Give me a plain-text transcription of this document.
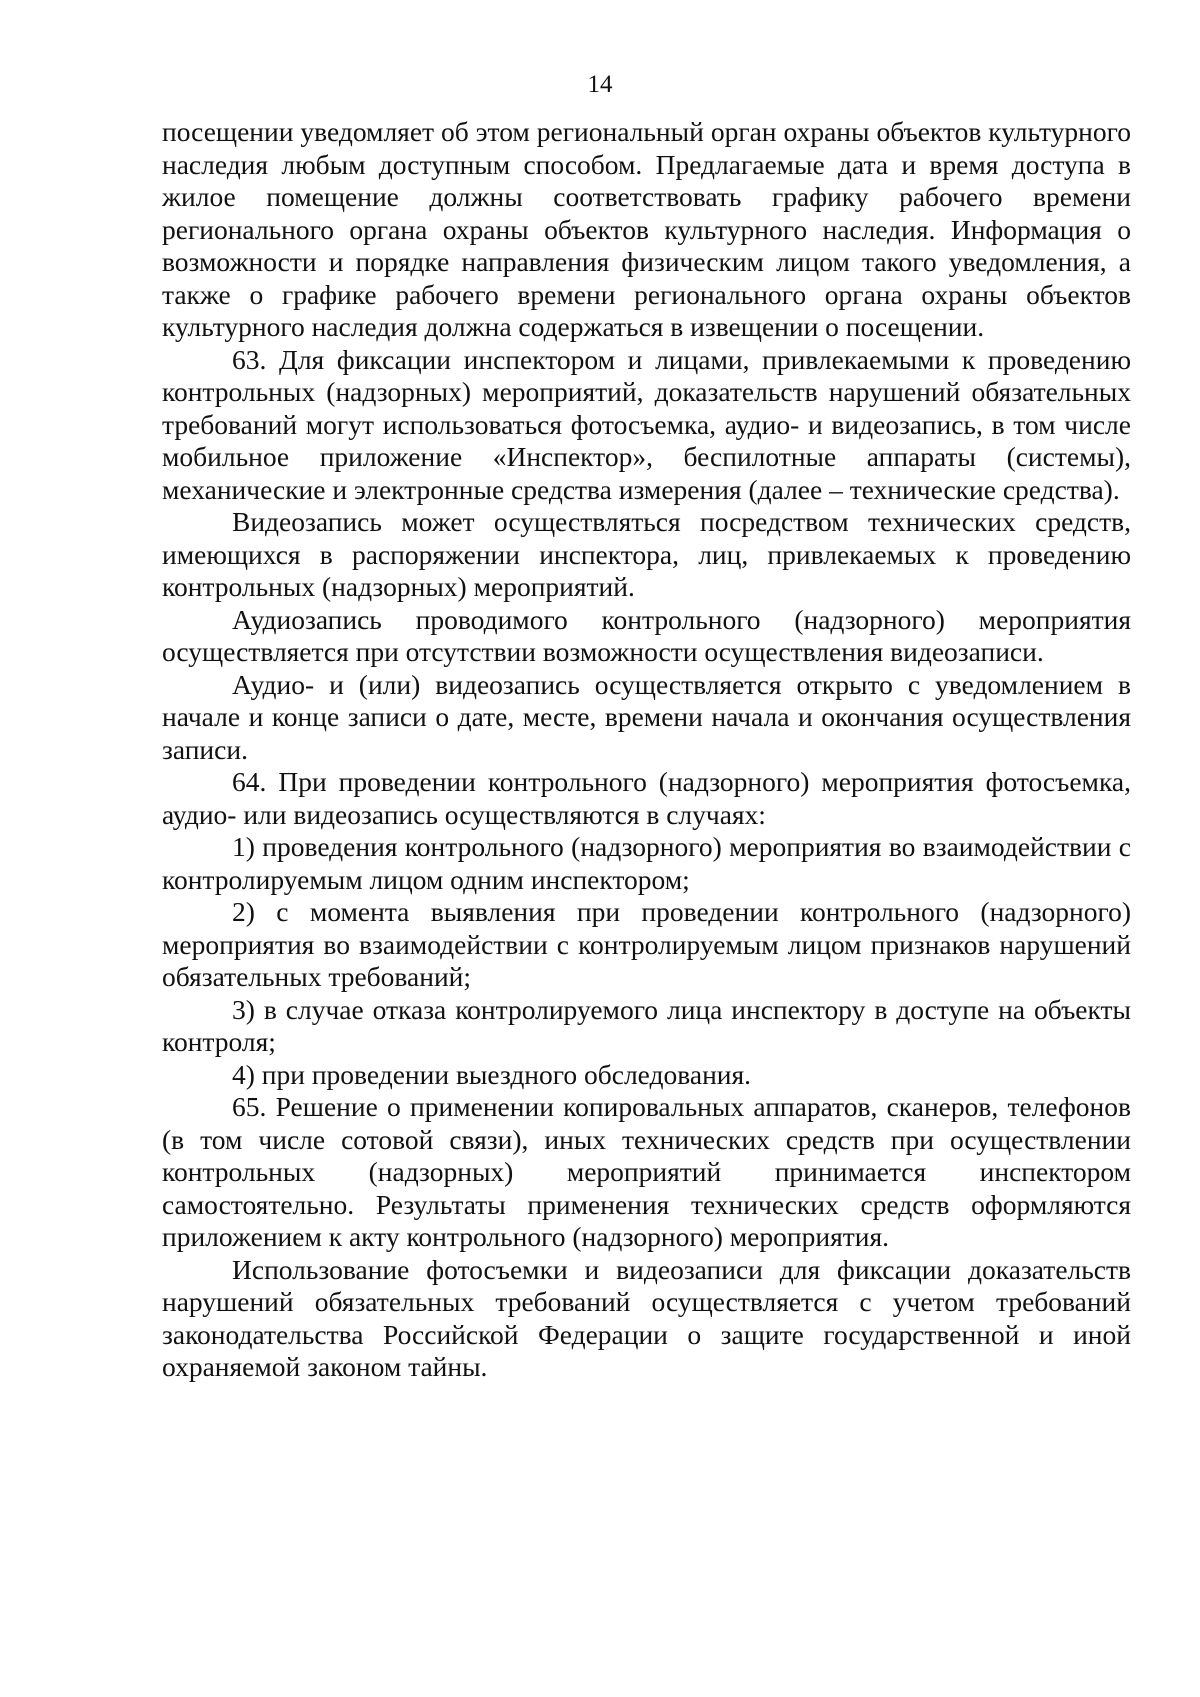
14

посещении уведомляет об этом региональный орган охраны объектов культурного наследия любым доступным способом. Предлагаемые дата и время доступа в жилое помещение должны соответствовать графику рабочего времени регионального органа охраны объектов культурного наследия. Информация о возможности и порядке направления физическим лицом такого уведомления, а также о графике рабочего времени регионального органа охраны объектов культурного наследия должна содержаться в извещении о посещении.

63. Для фиксации инспектором и лицами, привлекаемыми к проведению контрольных (надзорных) мероприятий, доказательств нарушений обязательных требований могут использоваться фотосъемка, аудио- и видеозапись, в том числе мобильное приложение «Инспектор», беспилотные аппараты (системы), механические и электронные средства измерения (далее – технические средства).

Видеозапись может осуществляться посредством технических средств, имеющихся в распоряжении инспектора, лиц, привлекаемых к проведению контрольных (надзорных) мероприятий.

Аудиозапись проводимого контрольного (надзорного) мероприятия осуществляется при отсутствии возможности осуществления видеозаписи.

Аудио- и (или) видеозапись осуществляется открыто с уведомлением в начале и конце записи о дате, месте, времени начала и окончания осуществления записи.

64. При проведении контрольного (надзорного) мероприятия фотосъемка, аудио- или видеозапись осуществляются в случаях:

1) проведения контрольного (надзорного) мероприятия во взаимодействии с контролируемым лицом одним инспектором;

2) с момента выявления при проведении контрольного (надзорного) мероприятия во взаимодействии с контролируемым лицом признаков нарушений обязательных требований;

3) в случае отказа контролируемого лица инспектору в доступе на объекты контроля;

4) при проведении выездного обследования.

65. Решение о применении копировальных аппаратов, сканеров, телефонов (в том числе сотовой связи), иных технических средств при осуществлении контрольных (надзорных) мероприятий принимается инспектором самостоятельно. Результаты применения технических средств оформляются приложением к акту контрольного (надзорного) мероприятия.

Использование фотосъемки и видеозаписи для фиксации доказательств нарушений обязательных требований осуществляется с учетом требований законодательства Российской Федерации о защите государственной и иной охраняемой законом тайны.
